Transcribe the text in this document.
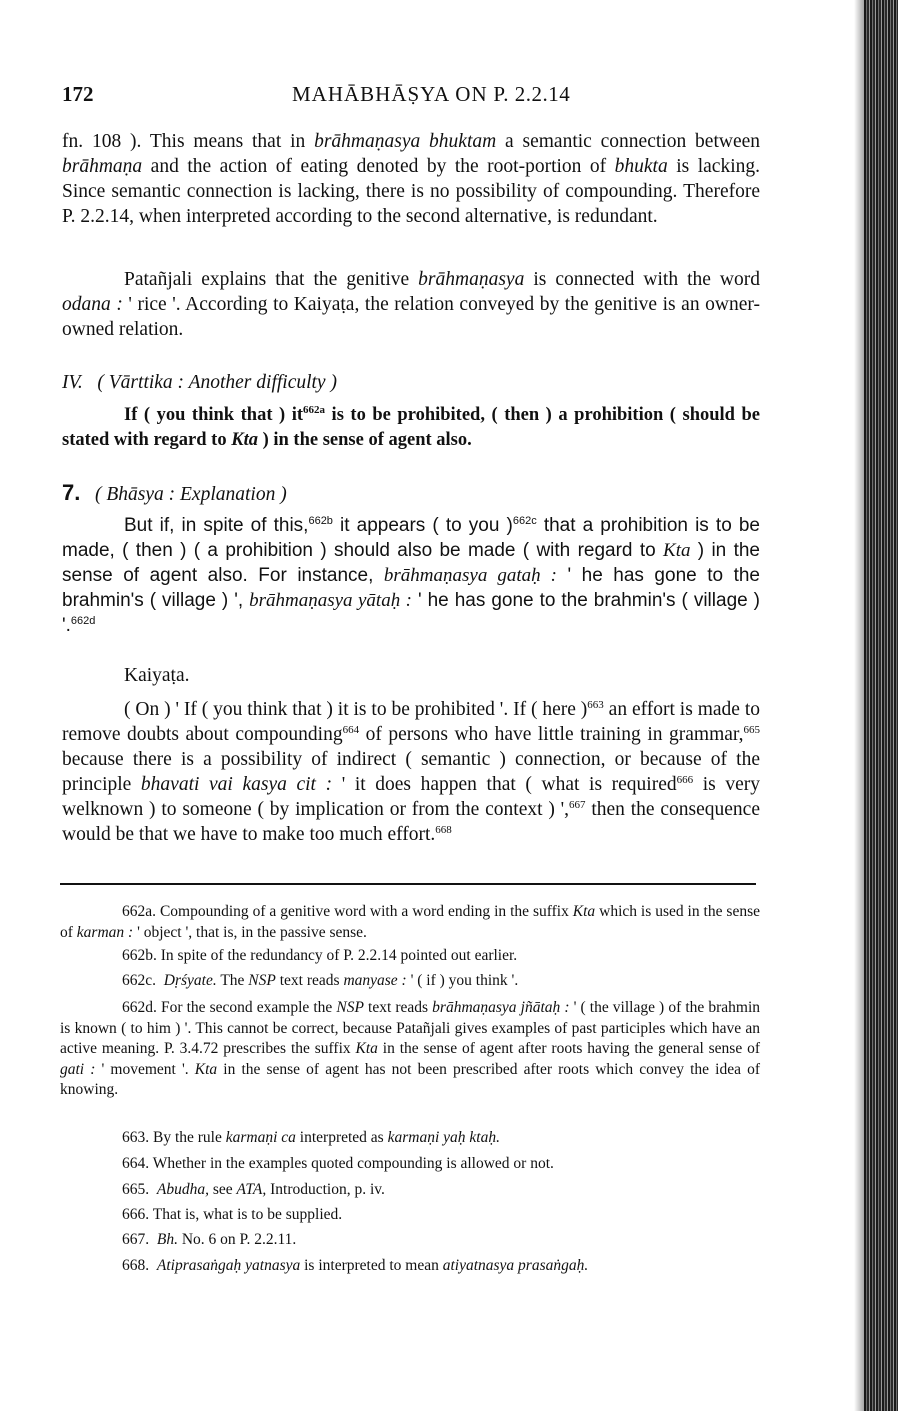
172	MAHĀBHĀṢYA ON P. 2.2.14
fn. 108 ). This means that in brāhmaṇasya bhuktam a semantic connection between brāhmaṇa and the action of eating denoted by the root-portion of bhukta is lacking. Since semantic connection is lacking, there is no possibility of compounding. Therefore P. 2.2.14, when interpreted according to the second alternative, is redundant.
Patañjali explains that the genitive brāhmaṇasya is connected with the word odana : ' rice '. According to Kaiyaṭa, the relation conveyed by the genitive is an owner-owned relation.
IV. ( Vārttika : Another difficulty )
If ( you think that ) $it^{662a}$ is to be prohibited, ( then ) a prohibition ( should be stated with regard to Kta ) in the sense of agent also.
7. ( Bhāsya : Explanation )
But if, in spite of this,$^{662b}$ it appears ( to you )$^{662c}$ that a prohibition is to be made, ( then ) ( a prohibition ) should also be made ( with regard to Kta ) in the sense of agent also. For instance, brāhmaṇasya gataḥ : ' he has gone to the brahmin's ( village ) ', brāhmaṇasya yātaḥ : ' he has gone to the brahmin's ( village ) '.$^{662d}$
Kaiyaṭa.
( On ) ' If ( you think that ) it is to be prohibited '. If ( here )$^{663}$ an effort is made to remove doubts about compounding$^{664}$ of persons who have little training in grammar,$^{665}$ because there is a possibility of indirect ( semantic ) connection, or because of the principle bhavati vai kasya cit : ' it does happen that ( what is required$^{666}$ is very welknown ) to someone ( by implication or from the context ) ',$^{667}$ then the consequence would be that we have to make too much effort.$^{668}$
662a. Compounding of a genitive word with a word ending in the suffix Kta which is used in the sense of karman : ' object ', that is, in the passive sense.
662b. In spite of the redundancy of P. 2.2.14 pointed out earlier.
662c. Dṛśyate. The NSP text reads manyase : ' ( if ) you think '.
662d. For the second example the NSP text reads brāhmaṇasya jñātaḥ : ' ( the village ) of the brahmin is known ( to him ) '. This cannot be correct, because Patañjali gives examples of past participles which have an active meaning. P. 3.4.72 prescribes the suffix Kta in the sense of agent after roots having the general sense of gati : ' movement '. Kta in the sense of agent has not been prescribed after roots which convey the idea of knowing.
663. By the rule karmaṇi ca interpreted as karmaṇi yaḥ ktaḥ.
664. Whether in the examples quoted compounding is allowed or not.
665. Abudha, see ATA, Introduction, p. iv.
666. That is, what is to be supplied.
667. Bh. No. 6 on P. 2.2.11.
668. Atiprasaṅgaḥ yatnasya is interpreted to mean atiyatnasya prasaṅgaḥ.
